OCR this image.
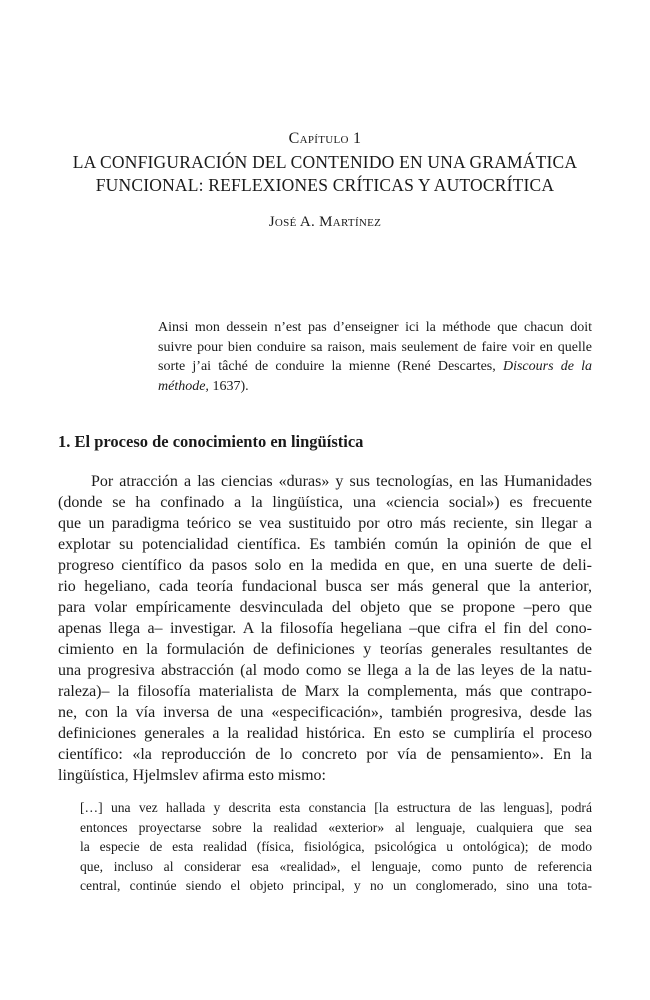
Capítulo 1
LA CONFIGURACIÓN DEL CONTENIDO EN UNA GRAMÁTICA FUNCIONAL: REFLEXIONES CRÍTICAS Y AUTOCRÍTICA
José A. Martínez
Ainsi mon dessein n’est pas d’enseigner ici la méthode que chacun doit suivre pour bien conduire sa raison, mais seulement de faire voir en quelle sorte j’ai tâché de conduire la mienne (René Descartes, Discours de la méthode, 1637).
1. El proceso de conocimiento en lingüística
Por atracción a las ciencias «duras» y sus tecnologías, en las Humanidades
(donde se ha confinado a la lingüística, una «ciencia social») es frecuente
que un paradigma teórico se vea sustituido por otro más reciente, sin llegar a
explotar su potencialidad científica. Es también común la opinión de que el
progreso científico da pasos solo en la medida en que, en una suerte de deli-
rio hegeliano, cada teoría fundacional busca ser más general que la anterior,
para volar empíricamente desvinculada del objeto que se propone –pero que
apenas llega a– investigar. A la filosofía hegeliana –que cifra el fin del cono-
cimiento en la formulación de definiciones y teorías generales resultantes de
una progresiva abstracción (al modo como se llega a la de las leyes de la natu-
raleza)– la filosofía materialista de Marx la complementa, más que contrapo-
ne, con la vía inversa de una «especificación», también progresiva, desde las
definiciones generales a la realidad histórica. En esto se cumpliría el proceso
científico: «la reproducción de lo concreto por vía de pensamiento». En la
lingüística, Hjelmslev afirma esto mismo:
[…] una vez hallada y descrita esta constancia [la estructura de las lenguas], podrá
entonces proyectarse sobre la realidad «exterior» al lenguaje, cualquiera que sea
la especie de esta realidad (física, fisiológica, psicológica u ontológica); de modo
que, incluso al considerar esa «realidad», el lenguaje, como punto de referencia
central, continúe siendo el objeto principal, y no un conglomerado, sino una tota-
